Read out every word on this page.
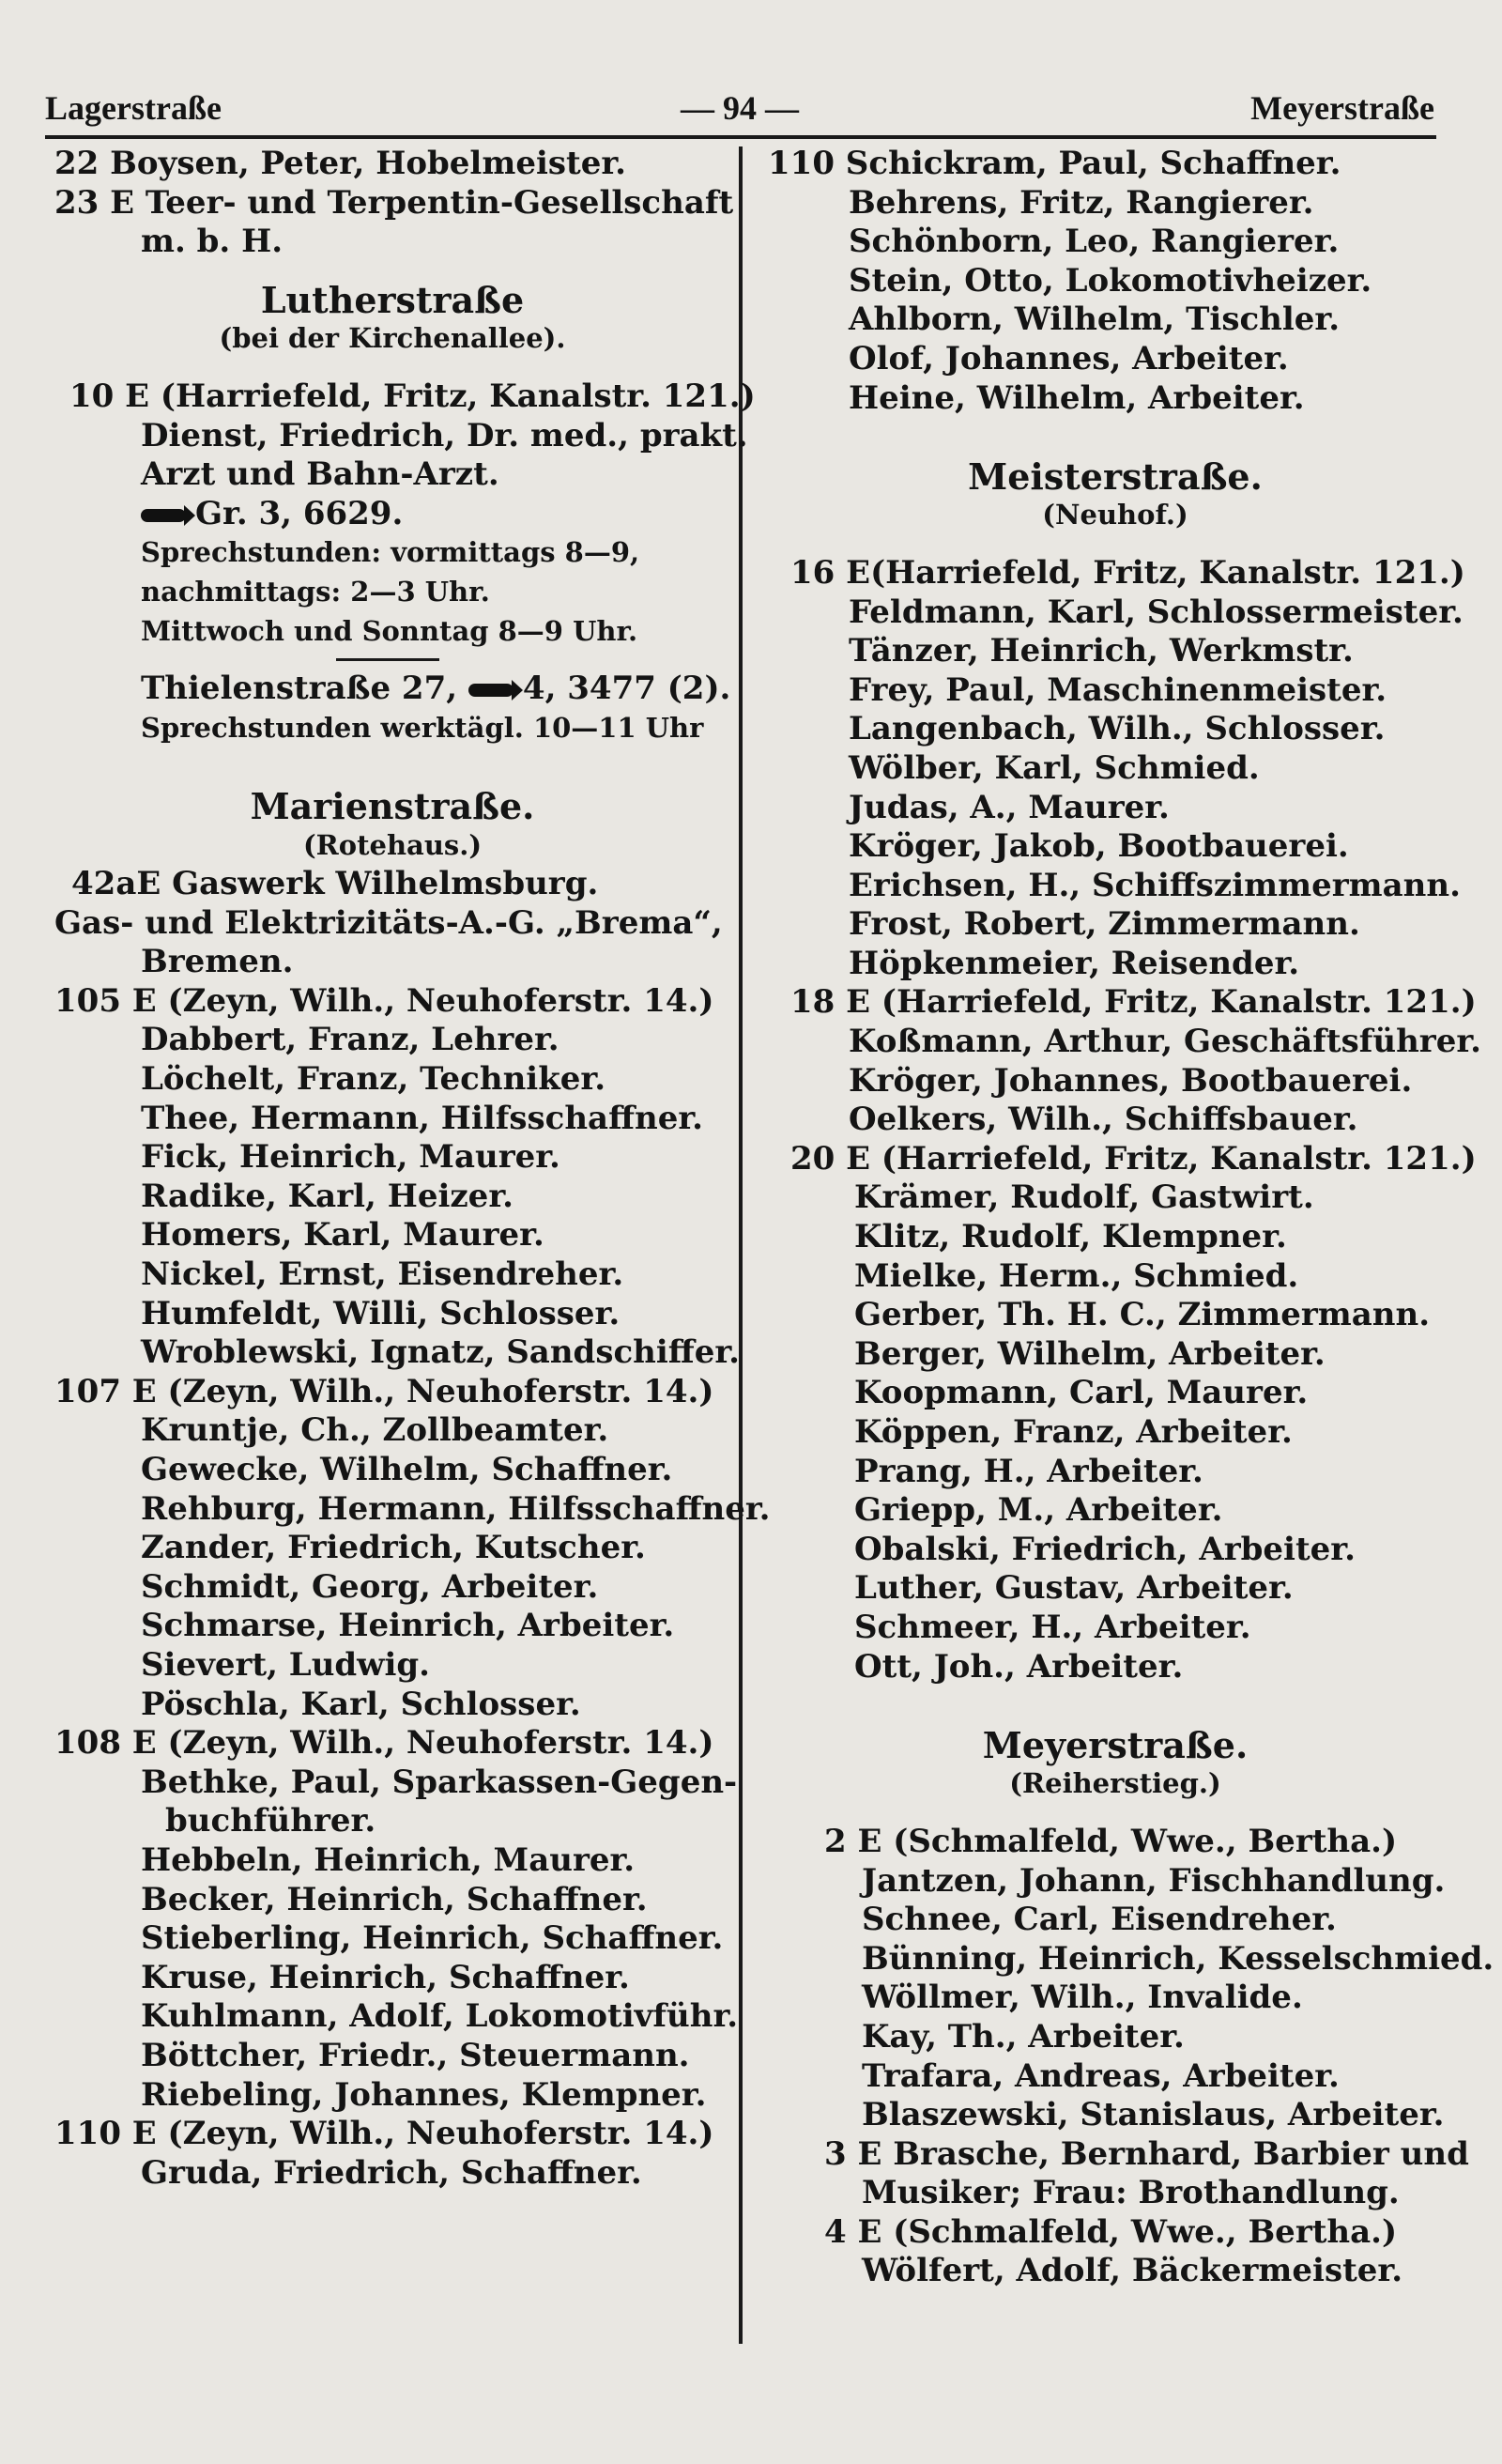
Lagerstraße	— 94 —	Meyerstraße
22 Boysen, Peter, Hobelmeister.
23 E Teer- und Terpentin-Gesellschaft
m. b. H.
Lutherstraße
(bei der Kirchenallee).
10 E (Harriefeld, Fritz, Kanalstr. 121.)
Dienst, Friedrich, Dr. med., prakt.
Arzt und Bahn-Arzt.
Gr. 3, 6629.
Sprechstunden: vormittags 8—9,
nachmittags: 2—3 Uhr.
Mittwoch und Sonntag 8—9 Uhr.
Thielenstraße 27, 4, 3477 (2).
Sprechstunden werktägl. 10—11 Uhr
Marienstraße.
(Rotehaus.)
42aE Gaswerk Wilhelmsburg.
Gas- und Elektrizitäts-A.-G. „Brema“,
Bremen.
105 E (Zeyn, Wilh., Neuhoferstr. 14.)
Dabbert, Franz, Lehrer.
Löchelt, Franz, Techniker.
Thee, Hermann, Hilfsschaffner.
Fick, Heinrich, Maurer.
Radike, Karl, Heizer.
Homers, Karl, Maurer.
Nickel, Ernst, Eisendreher.
Humfeldt, Willi, Schlosser.
Wroblewski, Ignatz, Sandschiffer.
107 E (Zeyn, Wilh., Neuhoferstr. 14.)
Kruntje, Ch., Zollbeamter.
Gewecke, Wilhelm, Schaffner.
Rehburg, Hermann, Hilfsschaffner.
Zander, Friedrich, Kutscher.
Schmidt, Georg, Arbeiter.
Schmarse, Heinrich, Arbeiter.
Sievert, Ludwig.
Pöschla, Karl, Schlosser.
108 E (Zeyn, Wilh., Neuhoferstr. 14.)
Bethke, Paul, Sparkassen-Gegen-
buchführer.
Hebbeln, Heinrich, Maurer.
Becker, Heinrich, Schaffner.
Stieberling, Heinrich, Schaffner.
Kruse, Heinrich, Schaffner.
Kuhlmann, Adolf, Lokomotivführ.
Böttcher, Friedr., Steuermann.
Riebeling, Johannes, Klempner.
110 E (Zeyn, Wilh., Neuhoferstr. 14.)
Gruda, Friedrich, Schaffner.
110 Schickram, Paul, Schaffner.
Behrens, Fritz, Rangierer.
Schönborn, Leo, Rangierer.
Stein, Otto, Lokomotivheizer.
Ahlborn, Wilhelm, Tischler.
Olof, Johannes, Arbeiter.
Heine, Wilhelm, Arbeiter.
Meisterstraße.
(Neuhof.)
16 E(Harriefeld, Fritz, Kanalstr. 121.)
Feldmann, Karl, Schlossermeister.
Tänzer, Heinrich, Werkmstr.
Frey, Paul, Maschinenmeister.
Langenbach, Wilh., Schlosser.
Wölber, Karl, Schmied.
Judas, A., Maurer.
Kröger, Jakob, Bootbauerei.
Erichsen, H., Schiffszimmermann.
Frost, Robert, Zimmermann.
Höpkenmeier, Reisender.
18 E (Harriefeld, Fritz, Kanalstr. 121.)
Koßmann, Arthur, Geschäftsführer.
Kröger, Johannes, Bootbauerei.
Oelkers, Wilh., Schiffsbauer.
20 E (Harriefeld, Fritz, Kanalstr. 121.)
Krämer, Rudolf, Gastwirt.
Klitz, Rudolf, Klempner.
Mielke, Herm., Schmied.
Gerber, Th. H. C., Zimmermann.
Berger, Wilhelm, Arbeiter.
Koopmann, Carl, Maurer.
Köppen, Franz, Arbeiter.
Prang, H., Arbeiter.
Griepp, M., Arbeiter.
Obalski, Friedrich, Arbeiter.
Luther, Gustav, Arbeiter.
Schmeer, H., Arbeiter.
Ott, Joh., Arbeiter.
Meyerstraße.
(Reiherstieg.)
2 E (Schmalfeld, Wwe., Bertha.)
Jantzen, Johann, Fischhandlung.
Schnee, Carl, Eisendreher.
Bünning, Heinrich, Kesselschmied.
Wöllmer, Wilh., Invalide.
Kay, Th., Arbeiter.
Trafara, Andreas, Arbeiter.
Blaszewski, Stanislaus, Arbeiter.
3 E Brasche, Bernhard, Barbier und
Musiker; Frau: Brothandlung.
4 E (Schmalfeld, Wwe., Bertha.)
Wölfert, Adolf, Bäckermeister.
